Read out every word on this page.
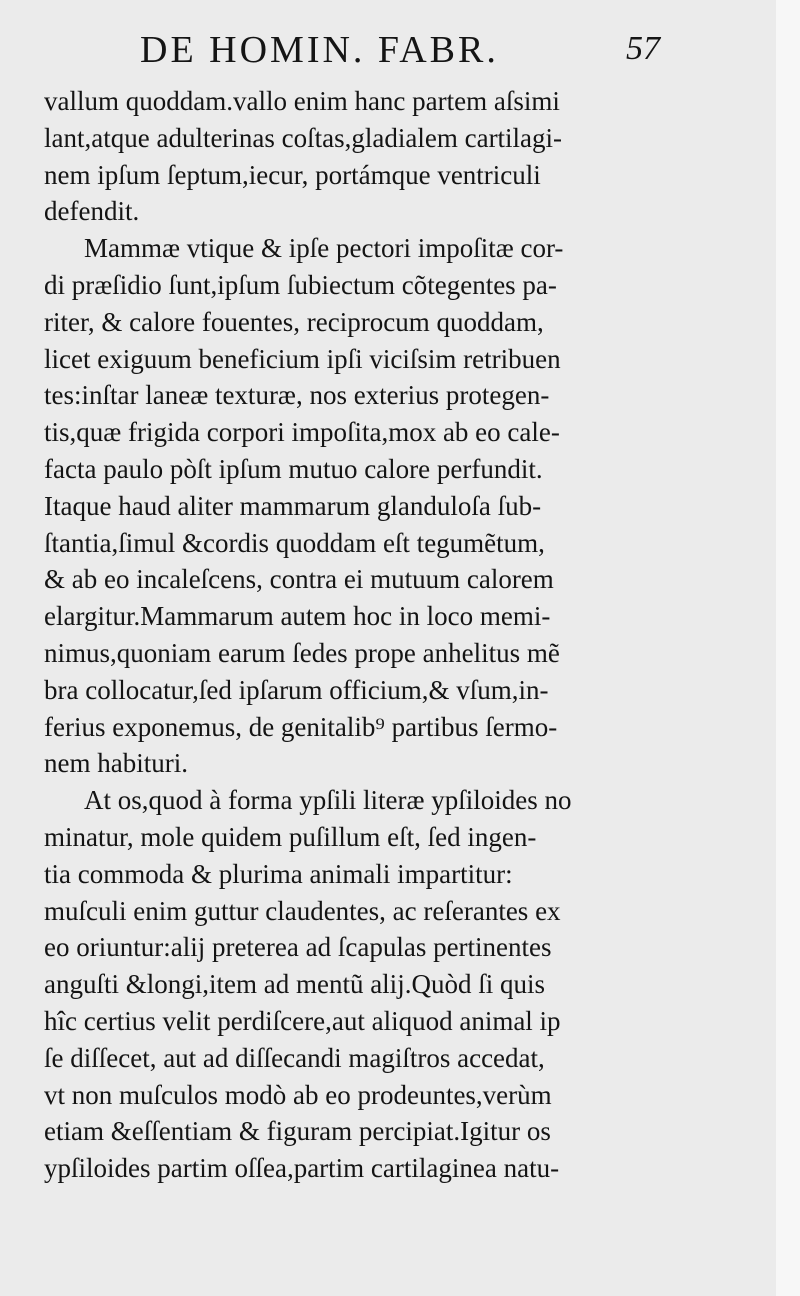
DE HOMIN. FABR.	57
vallum quoddam.vallo enim hanc partem aſsimi
lant,atque adulterinas coſtas,gladialem cartilagi-
nem ipſum ſeptum,iecur, portámque ventriculi
defendit.
Mammæ vtique & ipſe pectori impoſitæ cor-
di præſidio ſunt,ipſum ſubiectum cõtegentes pa-
riter, & calore fouentes, reciprocum quoddam,
licet exiguum beneficium ipſi viciſsim retribuen
tes:inſtar laneæ texturæ, nos exterius protegen-
tis,quæ frigida corpori impoſita,mox ab eo cale-
facta paulo pòſt ipſum mutuo calore perfundit.
Itaque haud aliter mammarum glanduloſa ſub-
ſtantia,ſimul &cordis quoddam eſt tegumẽtum,
& ab eo incaleſcens, contra ei mutuum calorem
elargitur.Mammarum autem hoc in loco memi-
nimus,quoniam earum ſedes prope anhelitus mẽ
bra collocatur,ſed ipſarum officium,& vſum,in-
ferius exponemus, de genitalib⁹ partibus ſermo-
nem habituri.
At os,quod à forma ypſili literæ ypſiloides no
minatur, mole quidem puſillum eſt, ſed ingen-
tia commoda & plurima animali impartitur:
muſculi enim guttur claudentes, ac reſerantes ex
eo oriuntur:alij preterea ad ſcapulas pertinentes
anguſti &longi,item ad mentũ alij.Quòd ſi quis
hîc certius velit perdiſcere,aut aliquod animal ip
ſe diſſecet, aut ad diſſecandi magiſtros accedat,
vt non muſculos modò ab eo prodeuntes,verùm
etiam &eſſentiam & figuram percipiat.Igitur os
ypſiloides partim oſſea,partim cartilaginea natu-
